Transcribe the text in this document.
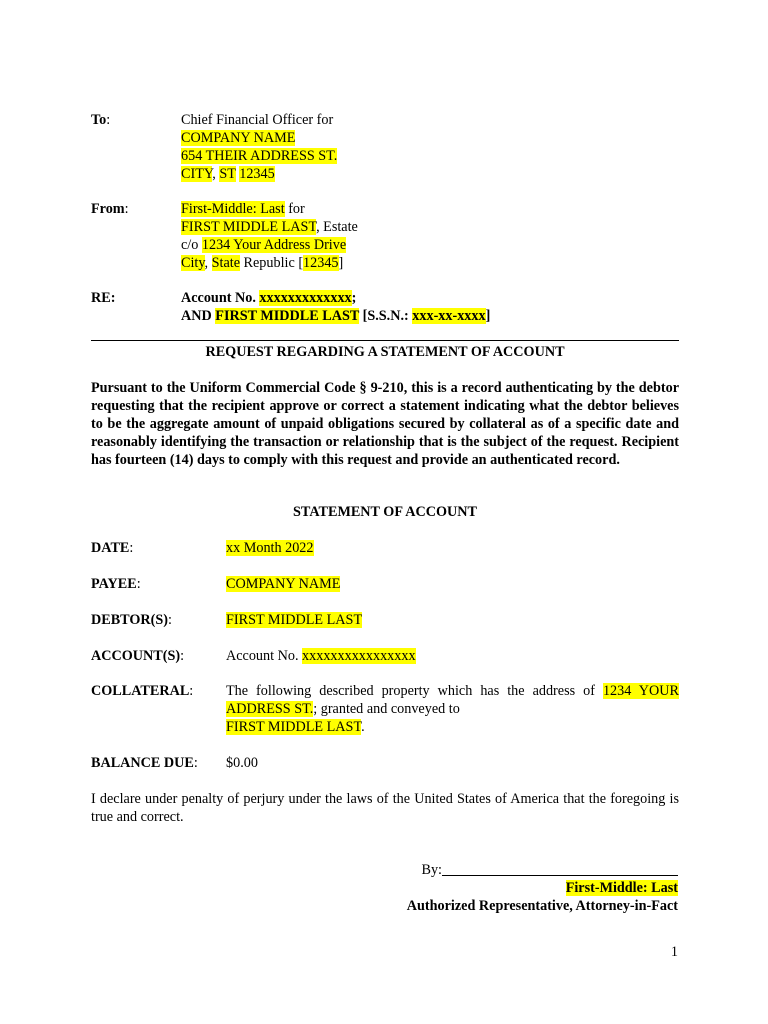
To:	Chief Financial Officer for
COMPANY NAME
654 THEIR ADDRESS ST.
CITY, ST 12345
From:	First-Middle: Last for
FIRST MIDDLE LAST, Estate
c/o 1234 Your Address Drive
City, State Republic [12345]
RE:	Account No. xxxxxxxxxxxxx;
AND FIRST MIDDLE LAST [S.S.N.: xxx-xx-xxxx]
REQUEST REGARDING A STATEMENT OF ACCOUNT
Pursuant to the Uniform Commercial Code § 9-210, this is a record authenticating by the debtor requesting that the recipient approve or correct a statement indicating what the debtor believes to be the aggregate amount of unpaid obligations secured by collateral as of a specific date and reasonably identifying the transaction or relationship that is the subject of the request. Recipient has fourteen (14) days to comply with this request and provide an authenticated record.
STATEMENT OF ACCOUNT
DATE:	xx Month 2022
PAYEE:	COMPANY NAME
DEBTOR(S):	FIRST MIDDLE LAST
ACCOUNT(S):	Account No. xxxxxxxxxxxxxxxx
COLLATERAL: The following described property which has the address of 1234 YOUR
ADDRESS ST.; granted and conveyed to
FIRST MIDDLE LAST.
BALANCE DUE: $0.00
I declare under penalty of perjury under the laws of the United States of America that the foregoing is true and correct.
By:
First-Middle: Last
Authorized Representative, Attorney-in-Fact
1
